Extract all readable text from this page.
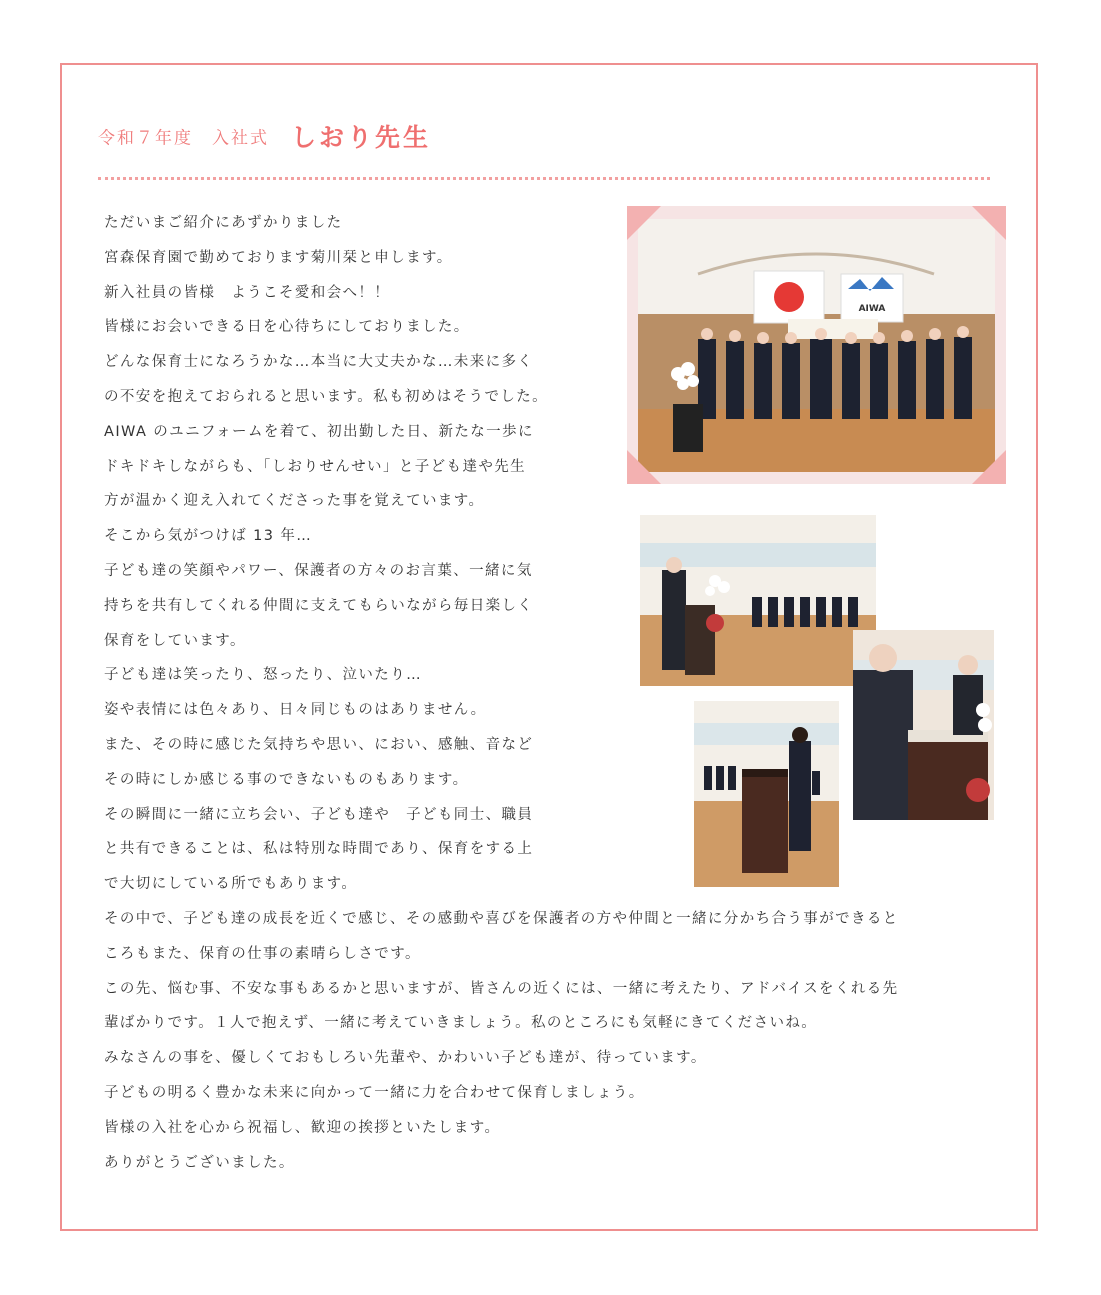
令和７年度　入社式 しおり先生
ただいまご紹介にあずかりました
宮森保育園で勤めております菊川栞と申します。
新入社員の皆様　ようこそ愛和会へ！！
皆様にお会いできる日を心待ちにしておりました。
どんな保育士になろうかな…本当に大丈夫かな…未来に多く
の不安を抱えておられると思います。私も初めはそうでした。
AIWA のユニフォームを着て、初出勤した日、新たな一歩に
ドキドキしながらも、「しおりせんせい」と子ども達や先生
方が温かく迎え入れてくださった事を覚えています。
そこから気がつけば 13 年…
子ども達の笑顔やパワー、保護者の方々のお言葉、一緒に気
持ちを共有してくれる仲間に支えてもらいながら毎日楽しく
保育をしています。
子ども達は笑ったり、怒ったり、泣いたり…
姿や表情には色々あり、日々同じものはありません。
また、その時に感じた気持ちや思い、におい、感触、音など
その時にしか感じる事のできないものもあります。
その瞬間に一緒に立ち会い、子ども達や　子ども同士、職員
と共有できることは、私は特別な時間であり、保育をする上
で大切にしている所でもあります。
その中で、子ども達の成長を近くで感じ、その感動や喜びを保護者の方や仲間と一緒に分かち合う事ができると
ころもまた、保育の仕事の素晴らしさです。
この先、悩む事、不安な事もあるかと思いますが、皆さんの近くには、一緒に考えたり、アドバイスをくれる先
輩ばかりです。１人で抱えず、一緒に考えていきましょう。私のところにも気軽にきてくださいね。
みなさんの事を、優しくておもしろい先輩や、かわいい子ども達が、待っています。
子どもの明るく豊かな未来に向かって一緒に力を合わせて保育しましょう。
皆様の入社を心から祝福し、歓迎の挨拶といたします。
ありがとうございました。
AIWA
